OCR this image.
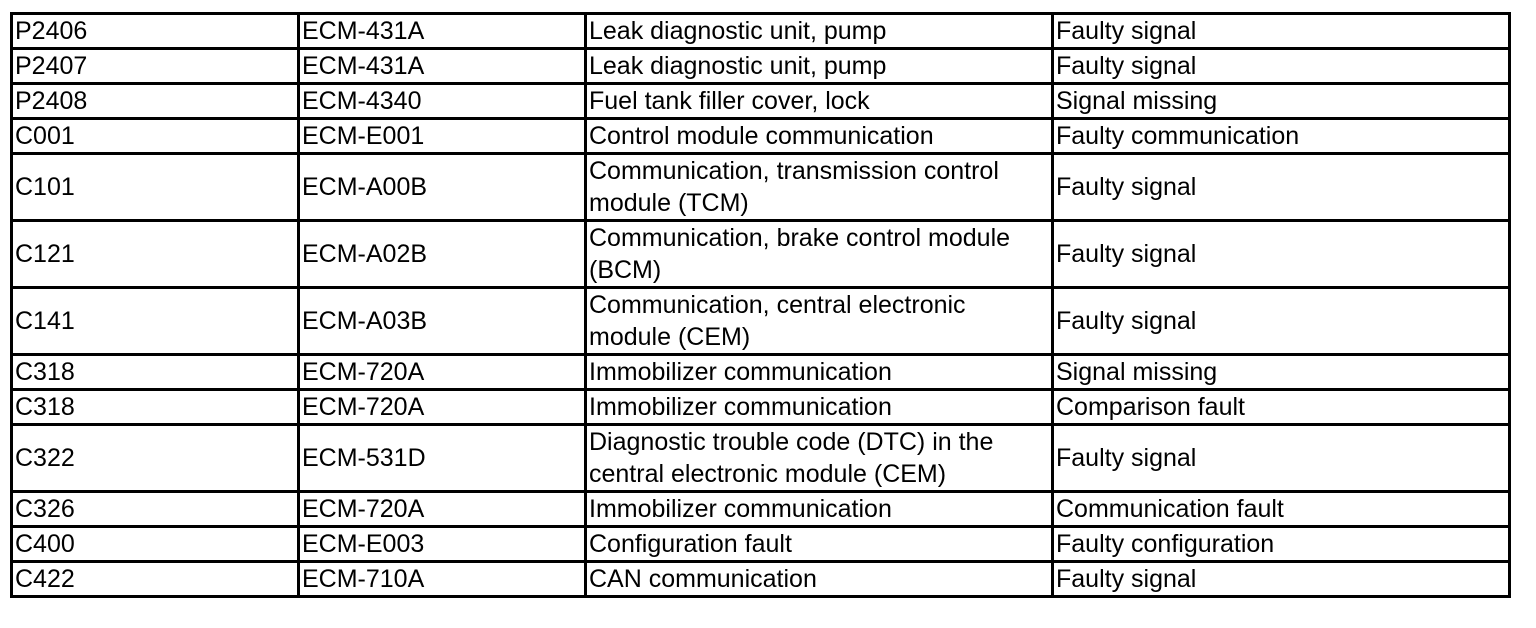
P2406	ECM-431A	Leak diagnostic unit, pump	Faulty signal
P2407	ECM-431A	Leak diagnostic unit, pump	Faulty signal
P2408	ECM-4340	Fuel tank filler cover, lock	Signal missing
C001	ECM-E001	Control module communication	Faulty communication
C101	ECM-A00B	Communication, transmission control module (TCM)	Faulty signal
C121	ECM-A02B	Communication, brake control module (BCM)	Faulty signal
C141	ECM-A03B	Communication, central electronic module (CEM)	Faulty signal
C318	ECM-720A	Immobilizer communication	Signal missing
C318	ECM-720A	Immobilizer communication	Comparison fault
C322	ECM-531D	Diagnostic trouble code (DTC) in the central electronic module (CEM)	Faulty signal
C326	ECM-720A	Immobilizer communication	Communication fault
C400	ECM-E003	Configuration fault	Faulty configuration
C422	ECM-710A	CAN communication	Faulty signal
